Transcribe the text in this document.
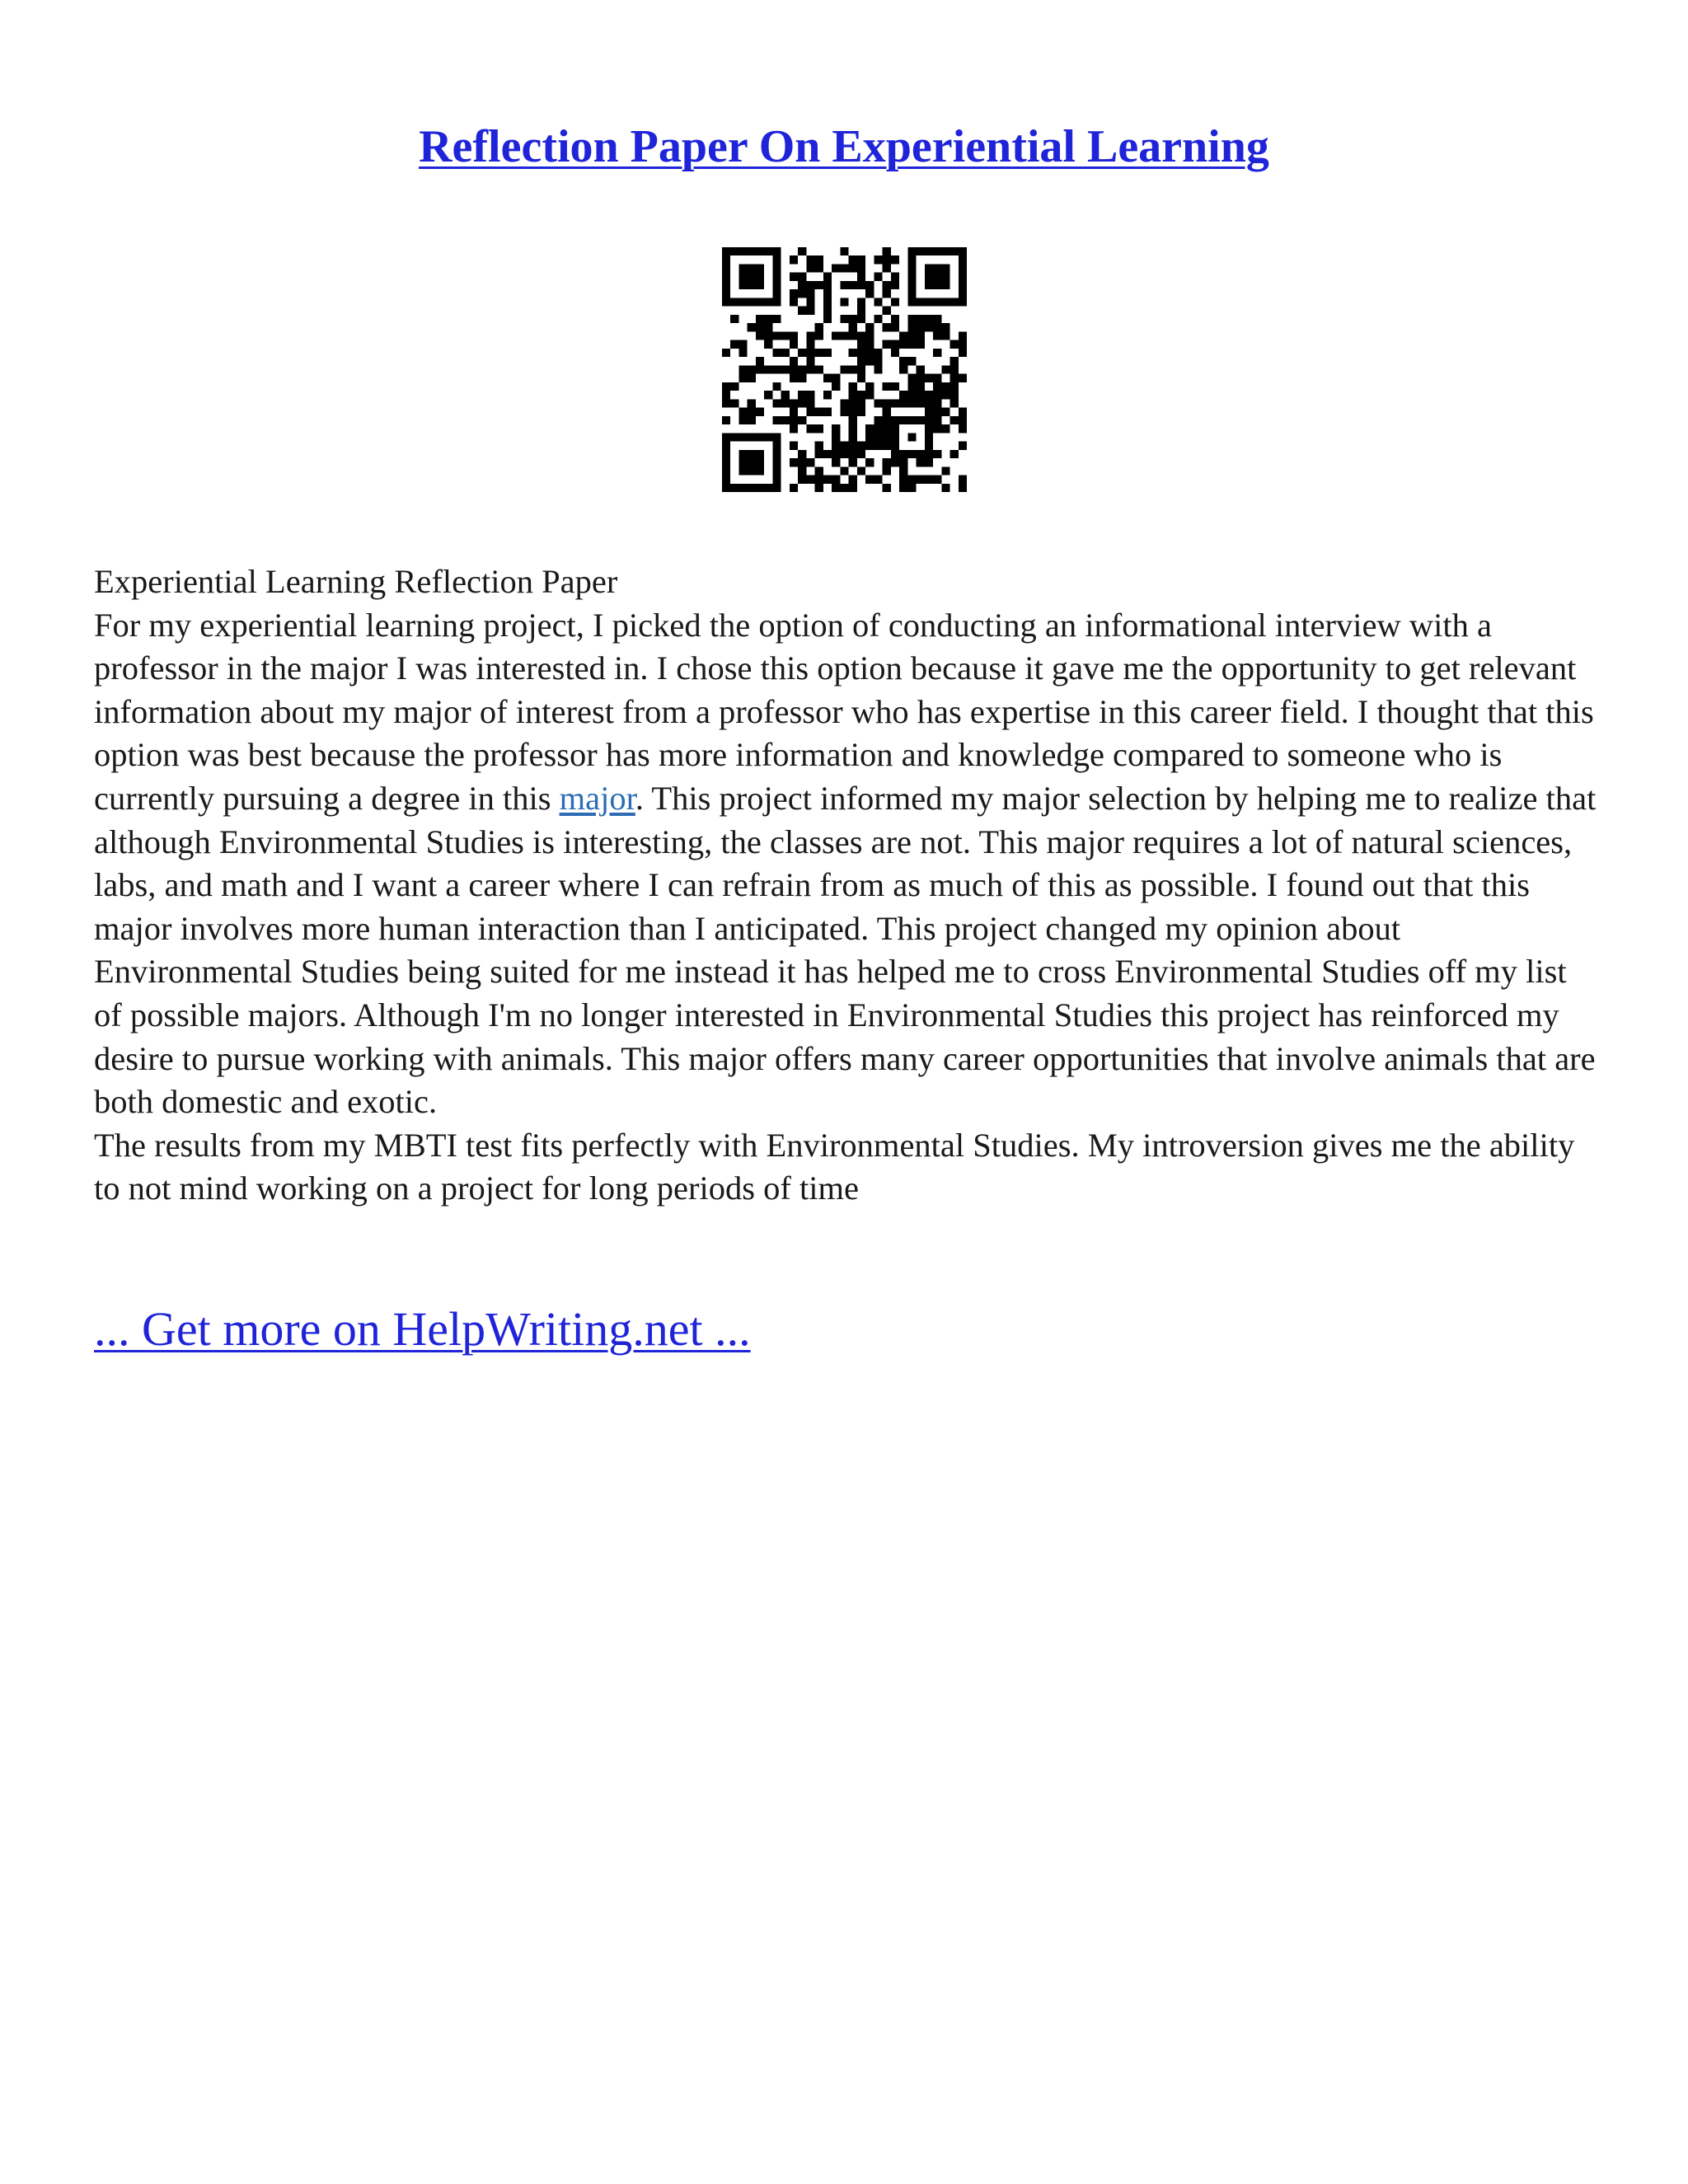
Reflection Paper On Experiential Learning

Experiential Learning Reflection Paper

For my experiential learning project, I picked the option of conducting an informational interview with a professor in the major I was interested in. I chose this option because it gave me the opportunity to get relevant information about my major of interest from a professor who has expertise in this career field. I thought that this option was best because the professor has more information and knowledge compared to someone who is currently pursuing a degree in this major. This project informed my major selection by helping me to realize that although Environmental Studies is interesting, the classes are not. This major requires a lot of natural sciences, labs, and math and I want a career where I can refrain from as much of this as possible. I found out that this major involves more human interaction than I anticipated. This project changed my opinion about Environmental Studies being suited for me instead it has helped me to cross Environmental Studies off my list of possible majors. Although I'm no longer interested in Environmental Studies this project has reinforced my desire to pursue working with animals. This major offers many career opportunities that involve animals that are both domestic and exotic.

The results from my MBTI test fits perfectly with Environmental Studies. My introversion gives me the ability to not mind working on a project for long periods of time

... Get more on HelpWriting.net ...
